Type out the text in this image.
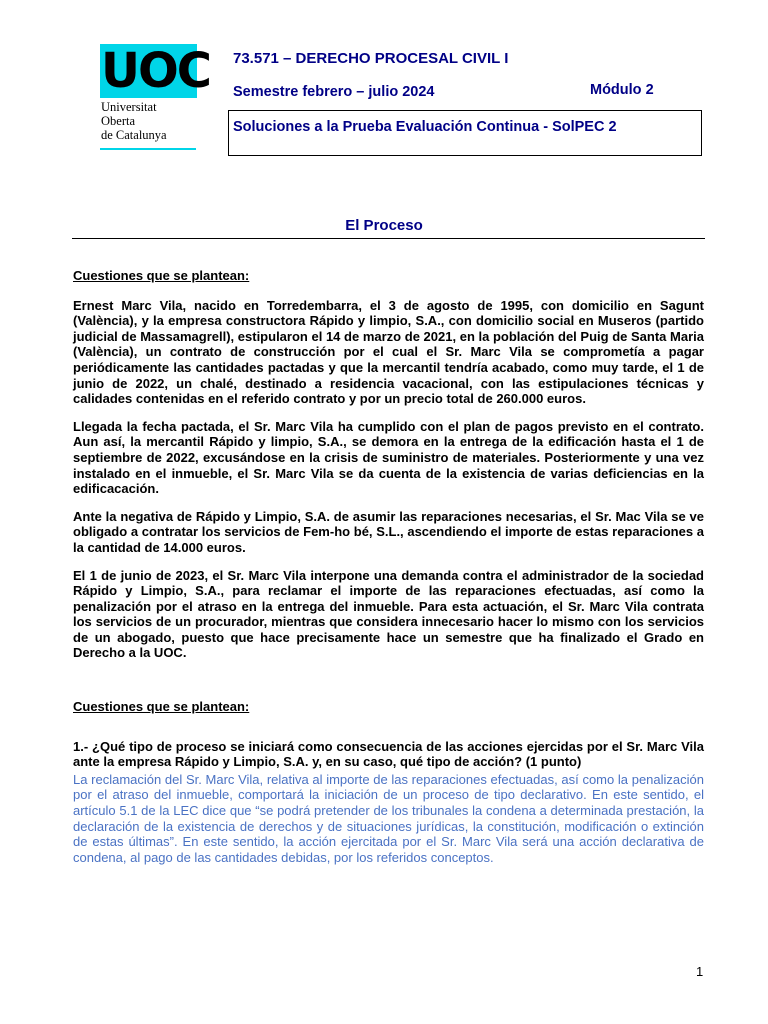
UOC
Universitat
Oberta
de Catalunya
73.571 – DERECHO PROCESAL CIVIL I
Semestre febrero – julio 2024	Módulo 2
Soluciones a la Prueba Evaluación Continua - SolPEC 2
El Proceso

Cuestiones que se plantean:

Ernest Marc Vila, nacido en Torredembarra, el 3 de agosto de 1995, con domicilio en Sagunt (València), y la empresa constructora Rápido y limpio, S.A., con domicilio social en Museros (partido judicial de Massamagrell), estipularon el 14 de marzo de 2021, en la población del Puig de Santa Maria (València), un contrato de construcción por el cual el Sr. Marc Vila se comprometía a pagar periódicamente las cantidades pactadas y que la mercantil tendría acabado, como muy tarde, el 1 de junio de 2022, un chalé, destinado a residencia vacacional, con las estipulaciones técnicas y calidades contenidas en el referido contrato y por un precio total de 260.000 euros.

Llegada la fecha pactada, el Sr. Marc Vila ha cumplido con el plan de pagos previsto en el contrato. Aun así, la mercantil Rápido y limpio, S.A., se demora en la entrega de la edificación hasta el 1 de septiembre de 2022, excusándose en la crisis de suministro de materiales. Posteriormente y una vez instalado en el inmueble, el Sr. Marc Vila se da cuenta de la existencia de varias deficiencias en la edificacación.

Ante la negativa de Rápido y Limpio, S.A. de asumir las reparaciones necesarias, el Sr. Mac Vila se ve obligado a contratar los servicios de Fem-ho bé, S.L., ascendiendo el importe de estas reparaciones a la cantidad de 14.000 euros.

El 1 de junio de 2023, el Sr. Marc Vila interpone una demanda contra el administrador de la sociedad Rápido y Limpio, S.A., para reclamar el importe de las reparaciones efectuadas, así como la penalización por el atraso en la entrega del inmueble. Para esta actuación, el Sr. Marc Vila contrata los servicios de un procurador, mientras que considera innecesario hacer lo mismo con los servicios de un abogado, puesto que hace precisamente hace un semestre que ha finalizado el Grado en Derecho a la UOC.

Cuestiones que se plantean:

1.- ¿Qué tipo de proceso se iniciará como consecuencia de las acciones ejercidas por el Sr. Marc Vila ante la empresa Rápido y Limpio, S.A. y, en su caso, qué tipo de acción? (1 punto)

La reclamación del Sr. Marc Vila, relativa al importe de las reparaciones efectuadas, así como la penalización por el atraso del inmueble, comportará la iniciación de un proceso de tipo declarativo. En este sentido, el artículo 5.1 de la LEC dice que “se podrá pretender de los tribunales la condena a determinada prestación, la declaración de la existencia de derechos y de situaciones jurídicas, la constitución, modificación o extinción de estas últimas”. En este sentido, la acción ejercitada por el Sr. Marc Vila será una acción declarativa de condena, al pago de las cantidades debidas, por los referidos conceptos.

1
